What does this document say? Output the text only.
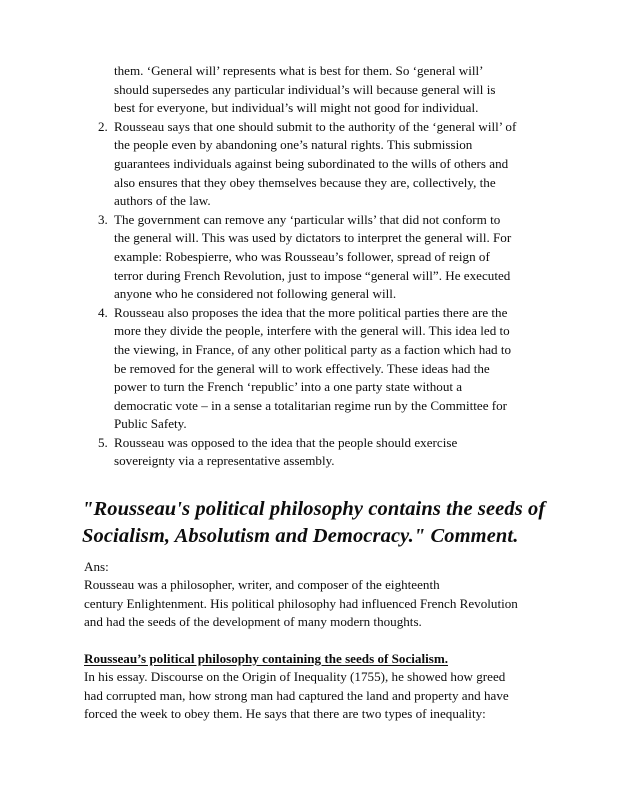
them. ‘General will’ represents what is best for them. So ‘general will’
should supersedes any particular individual’s will because general will is
best for everyone, but individual’s will might not good for individual.
2. Rousseau says that one should submit to the authority of the ‘general will’ of
the people even by abandoning one’s natural rights. This submission
guarantees individuals against being subordinated to the wills of others and
also ensures that they obey themselves because they are, collectively, the
authors of the law.
3. The government can remove any ‘particular wills’ that did not conform to
the general will. This was used by dictators to interpret the general will. For
example: Robespierre, who was Rousseau’s follower, spread of reign of
terror during French Revolution, just to impose “general will”. He executed
anyone who he considered not following general will.
4. Rousseau also proposes the idea that the more political parties there are the
more they divide the people, interfere with the general will. This idea led to
the viewing, in France, of any other political party as a faction which had to
be removed for the general will to work effectively. These ideas had the
power to turn the French ‘republic’ into a one party state without a
democratic vote – in a sense a totalitarian regime run by the Committee for
Public Safety.
5. Rousseau was opposed to the idea that the people should exercise
sovereignty via a representative assembly.
"Rousseau's political philosophy contains the seeds of
Socialism, Absolutism and Democracy." Comment.

Ans:

Rousseau was a philosopher, writer, and composer of the eighteenth
century Enlightenment. His political philosophy had influenced French Revolution
and had the seeds of the development of many modern thoughts.

Rousseau’s political philosophy containing the seeds of Socialism.

In his essay. Discourse on the Origin of Inequality (1755), he showed how greed
had corrupted man, how strong man had captured the land and property and have
forced the week to obey them. He says that there are two types of inequality:
